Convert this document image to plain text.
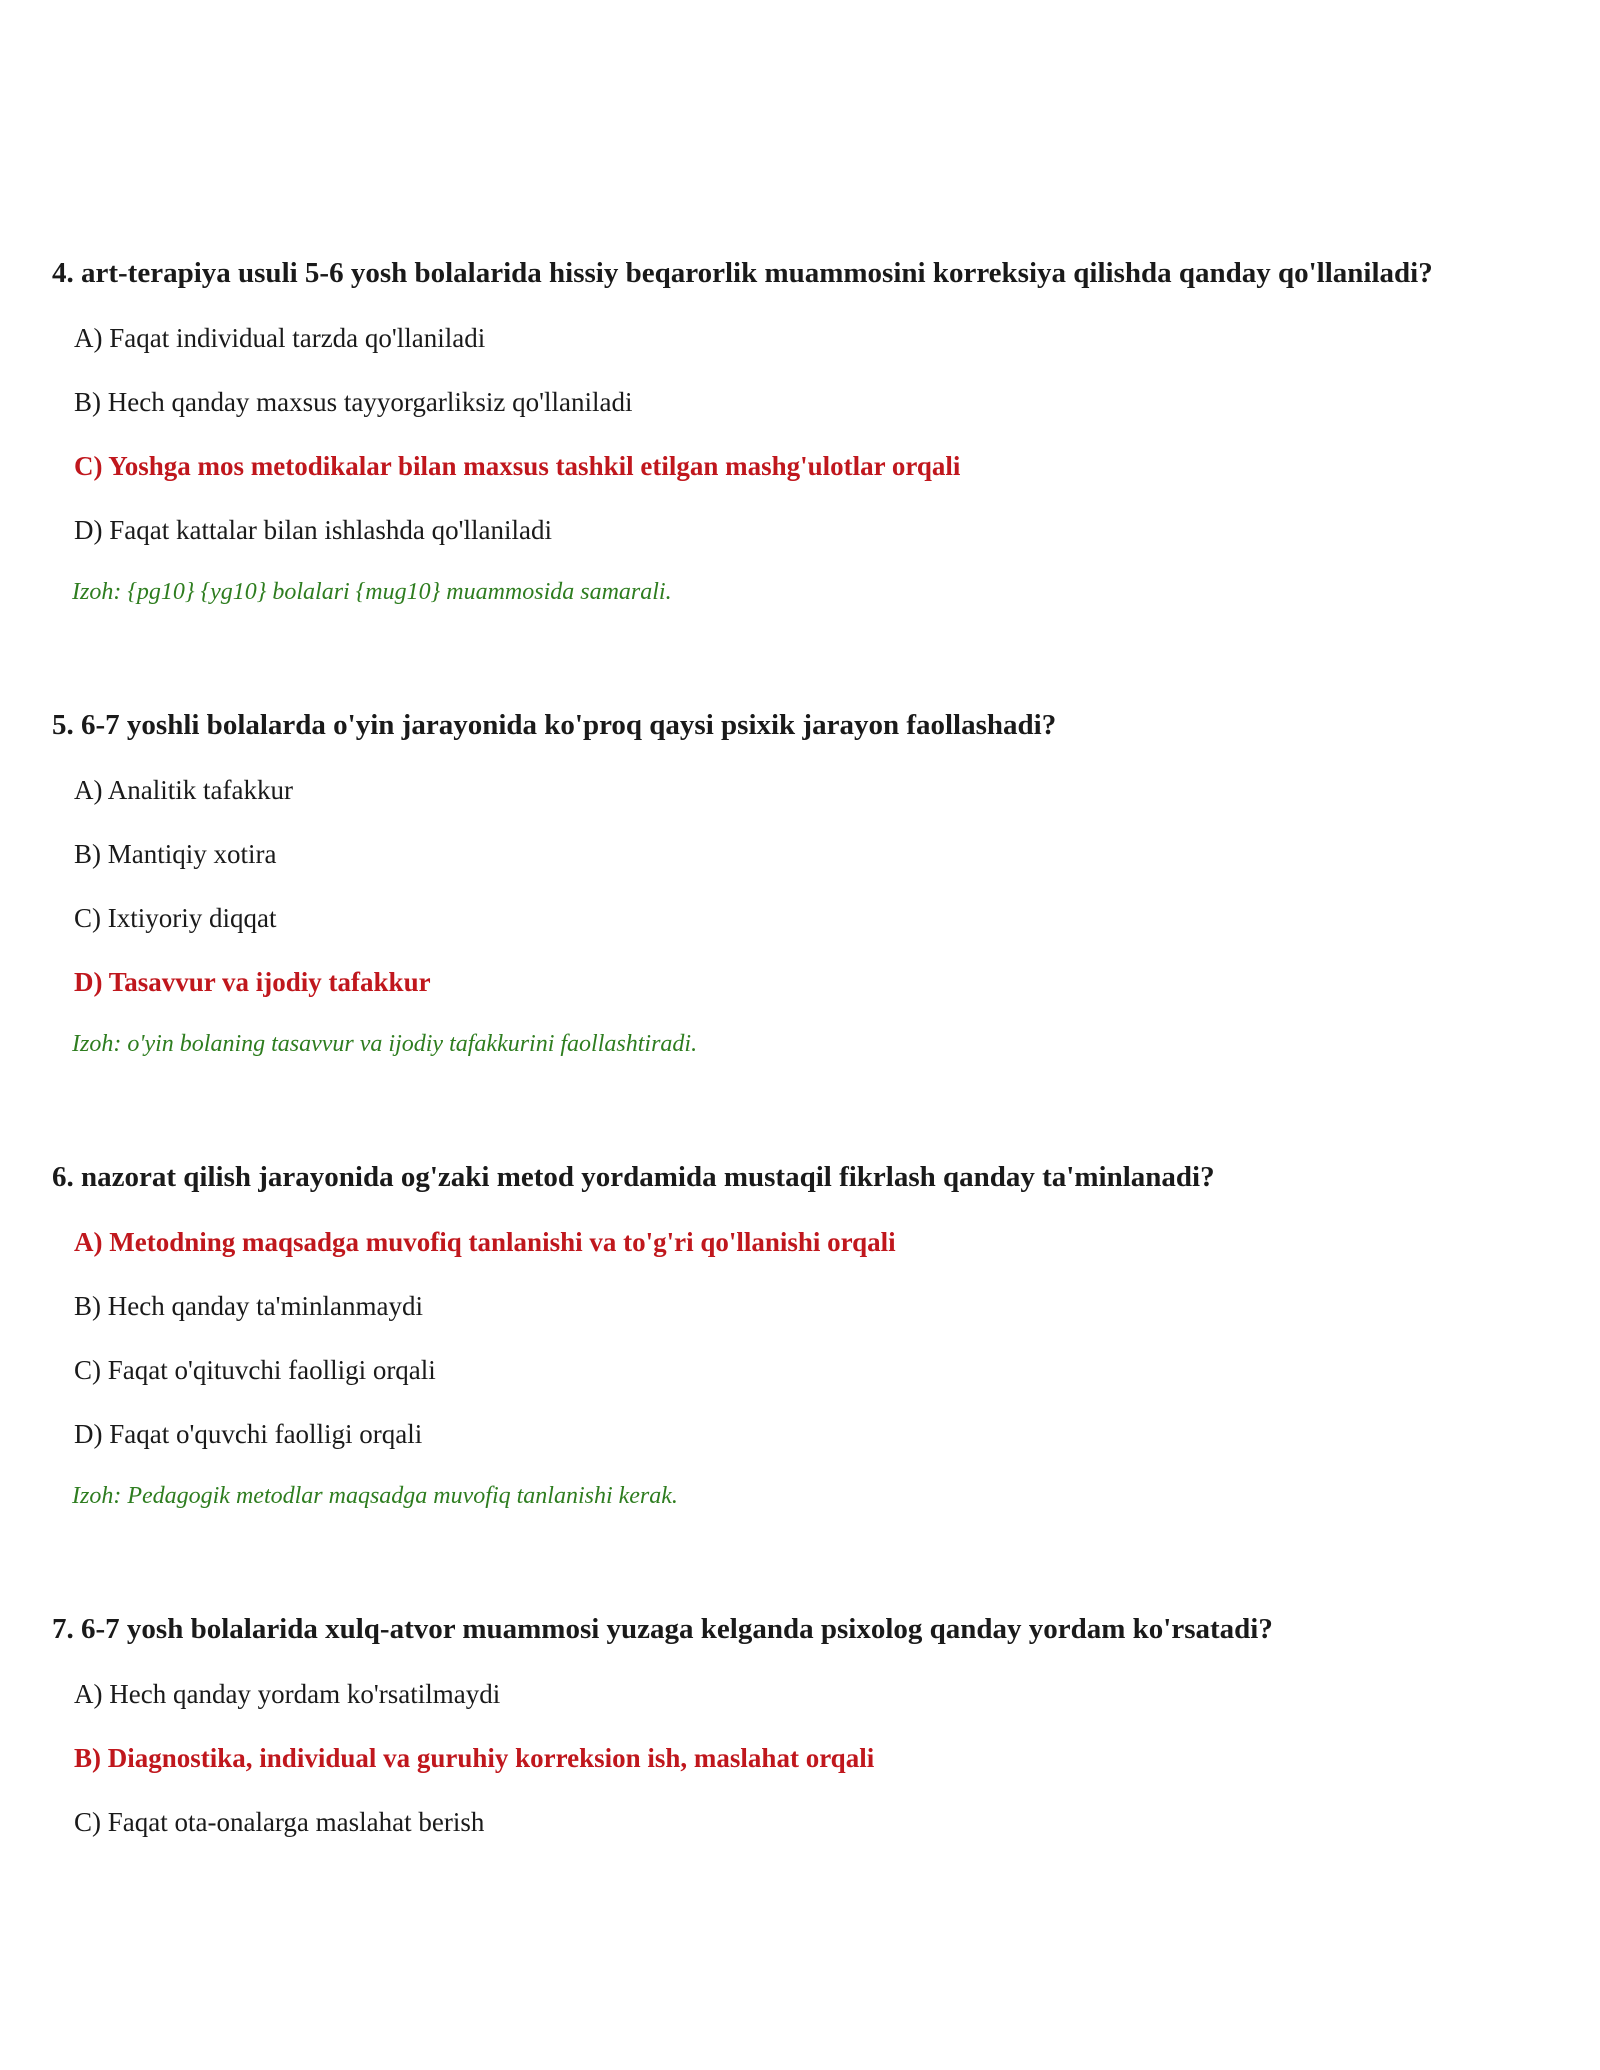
4. art-terapiya usuli 5-6 yosh bolalarida hissiy beqarorlik muammosini korreksiya qilishda qanday qo'llaniladi?

A) Faqat individual tarzda qo'llaniladi

B) Hech qanday maxsus tayyorgarliksiz qo'llaniladi

C) Yoshga mos metodikalar bilan maxsus tashkil etilgan mashg'ulotlar orqali

D) Faqat kattalar bilan ishlashda qo'llaniladi

Izoh: {pg10} {yg10} bolalari {mug10} muammosida samarali.

5. 6-7 yoshli bolalarda o'yin jarayonida ko'proq qaysi psixik jarayon faollashadi?

A) Analitik tafakkur

B) Mantiqiy xotira

C) Ixtiyoriy diqqat

D) Tasavvur va ijodiy tafakkur

Izoh: o'yin bolaning tasavvur va ijodiy tafakkurini faollashtiradi.

6. nazorat qilish jarayonida og'zaki metod yordamida mustaqil fikrlash qanday ta'minlanadi?

A) Metodning maqsadga muvofiq tanlanishi va to'g'ri qo'llanishi orqali

B) Hech qanday ta'minlanmaydi

C) Faqat o'qituvchi faolligi orqali

D) Faqat o'quvchi faolligi orqali

Izoh: Pedagogik metodlar maqsadga muvofiq tanlanishi kerak.

7. 6-7 yosh bolalarida xulq-atvor muammosi yuzaga kelganda psixolog qanday yordam ko'rsatadi?

A) Hech qanday yordam ko'rsatilmaydi

B) Diagnostika, individual va guruhiy korreksion ish, maslahat orqali

C) Faqat ota-onalarga maslahat berish
